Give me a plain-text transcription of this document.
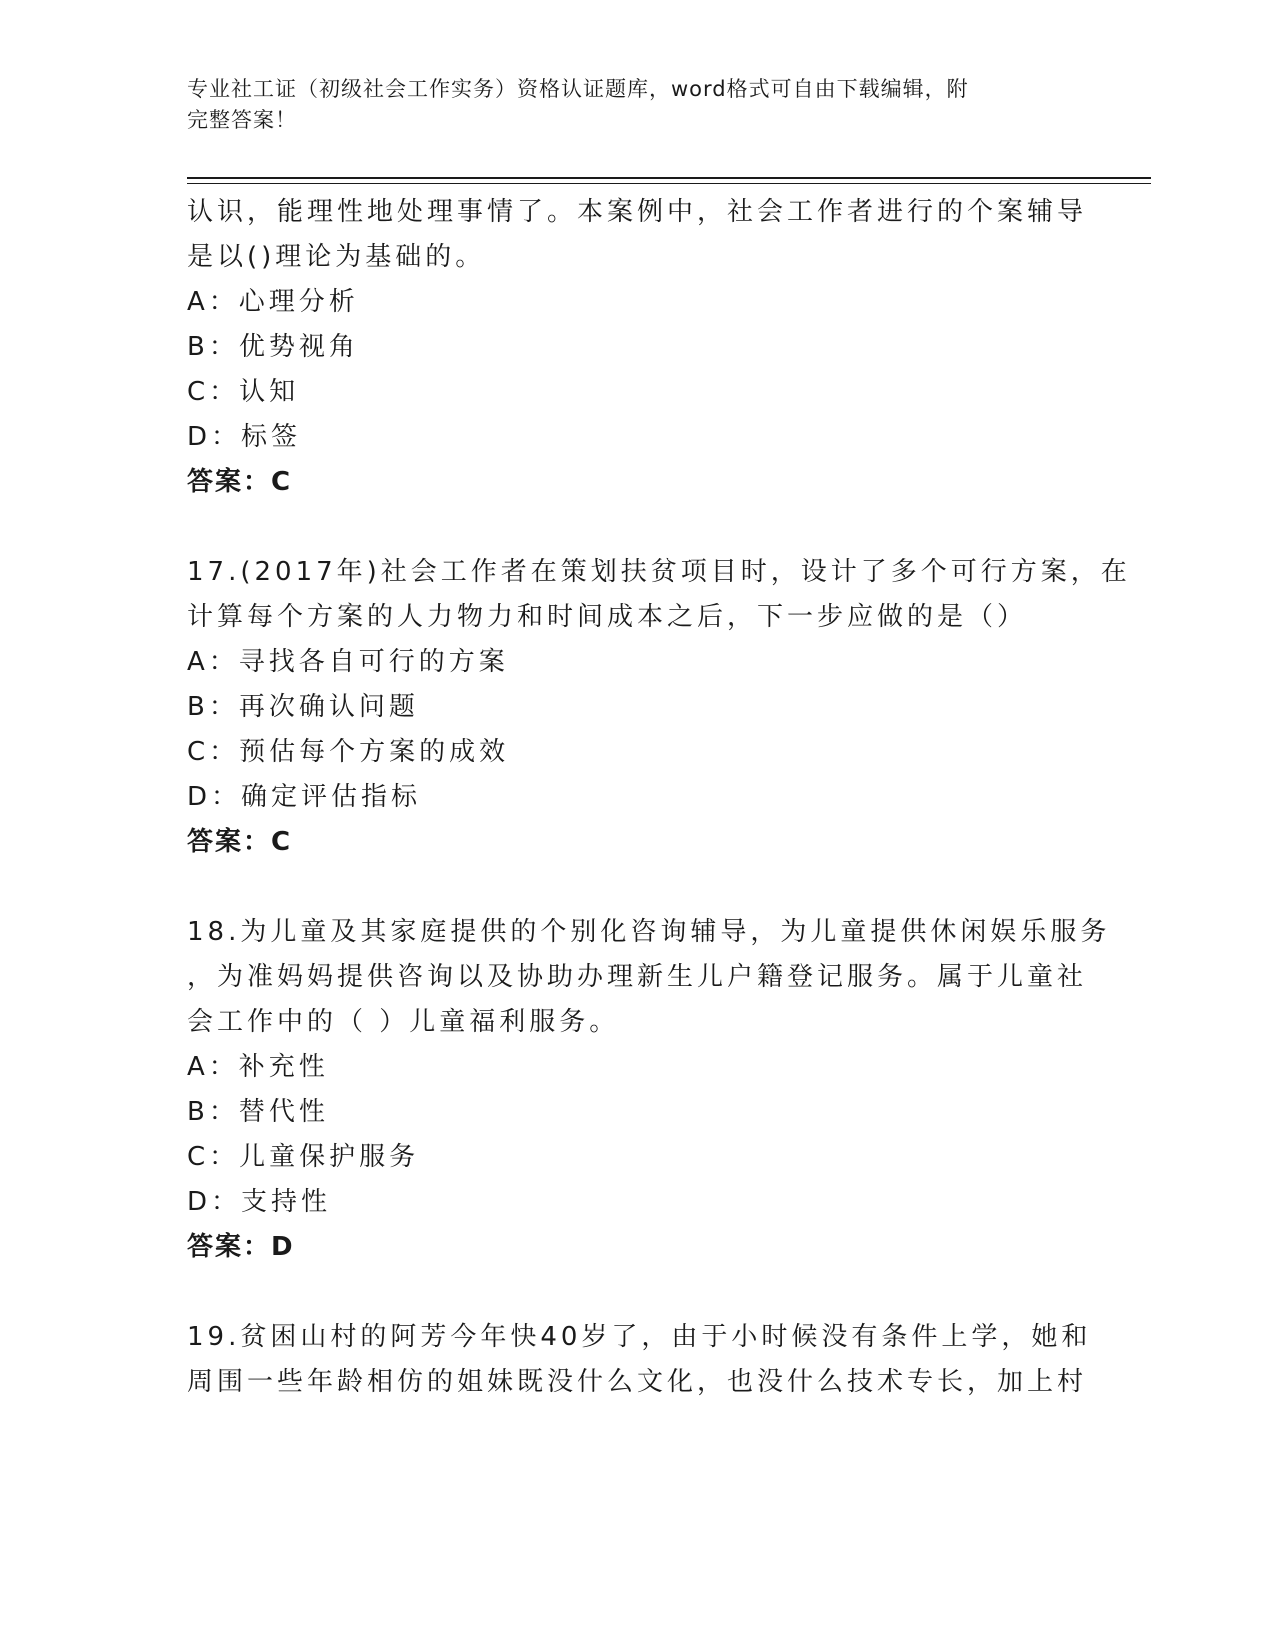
专业社工证（初级社会工作实务）资格认证题库，word格式可自由下载编辑，附
完整答案！
认识，能理性地处理事情了。本案例中，社会工作者进行的个案辅导
是以()理论为基础的。
A：心理分析
B：优势视角
C：认知
D：标签
答案：C
17.(2017年)社会工作者在策划扶贫项目时，设计了多个可行方案，在
计算每个方案的人力物力和时间成本之后，下一步应做的是（）
A：寻找各自可行的方案
B：再次确认问题
C：预估每个方案的成效
D：确定评估指标
答案：C
18.为儿童及其家庭提供的个别化咨询辅导，为儿童提供休闲娱乐服务
，为准妈妈提供咨询以及协助办理新生儿户籍登记服务。属于儿童社
会工作中的（ ）儿童福利服务。
A：补充性
B：替代性
C：儿童保护服务
D：支持性
答案：D
19.贫困山村的阿芳今年快40岁了，由于小时候没有条件上学，她和
周围一些年龄相仿的姐妹既没什么文化，也没什么技术专长，加上村
